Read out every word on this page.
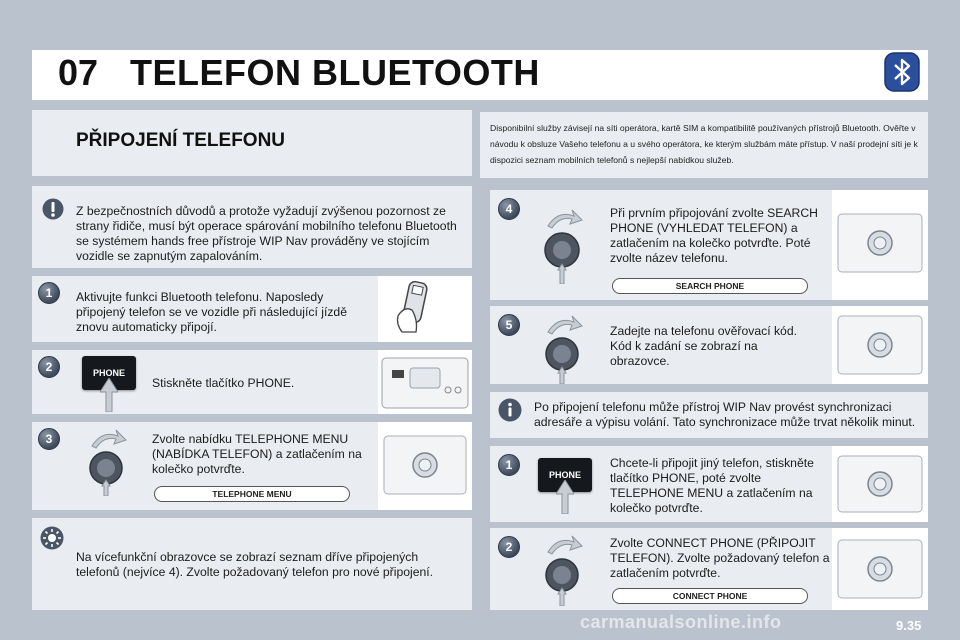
07 TELEFON BLUETOOTH
PŘIPOJENÍ TELEFONU
Disponibilní služby závisejí na síti operátora, kartě SIM a kompatibilitě používaných přístrojů Bluetooth. Ověřte v návodu k obsluze Vašeho telefonu a u svého operátora, ke kterým službám máte přístup. V naší prodejní síti je k dispozici seznam mobilních telefonů s nejlepší nabídkou služeb.
Z bezpečnostních důvodů a protože vyžadují zvýšenou pozornost ze strany řidiče, musí být operace spárování mobilního telefonu Bluetooth se systémem hands free přístroje WIP Nav prováděny ve stojícím vozidle se zapnutým zapalováním.
1	Aktivujte funkci Bluetooth telefonu. Naposledy připojený telefon se ve vozidle při následující jízdě znovu automaticky připojí.
2	PHONE
Stiskněte tlačítko PHONE.
3	Zvolte nabídku TELEPHONE MENU (NABÍDKA TELEFON) a zatlačením na kolečko potvrďte.
TELEPHONE MENU
Na vícefunkční obrazovce se zobrazí seznam dříve připojených telefonů (nejvíce 4). Zvolte požadovaný telefon pro nové připojení.
4	Při prvním připojování zvolte SEARCH PHONE (VYHLEDAT TELEFON) a zatlačením na kolečko potvrďte. Poté zvolte název telefonu.
SEARCH PHONE
5	Zadejte na telefonu ověřovací kód. Kód k zadání se zobrazí na obrazovce.
Po připojení telefonu může přístroj WIP Nav provést synchronizaci adresáře a výpisu volání. Tato synchronizace může trvat několik minut.
1
PHONE
Chcete-li připojit jiný telefon, stiskněte tlačítko PHONE, poté zvolte TELEPHONE MENU a zatlačením na kolečko potvrďte.
2	Zvolte CONNECT PHONE (PŘIPOJIT TELEFON). Zvolte požadovaný telefon a zatlačením potvrďte.
CONNECT PHONE
carmanualsonline.info	9.35
